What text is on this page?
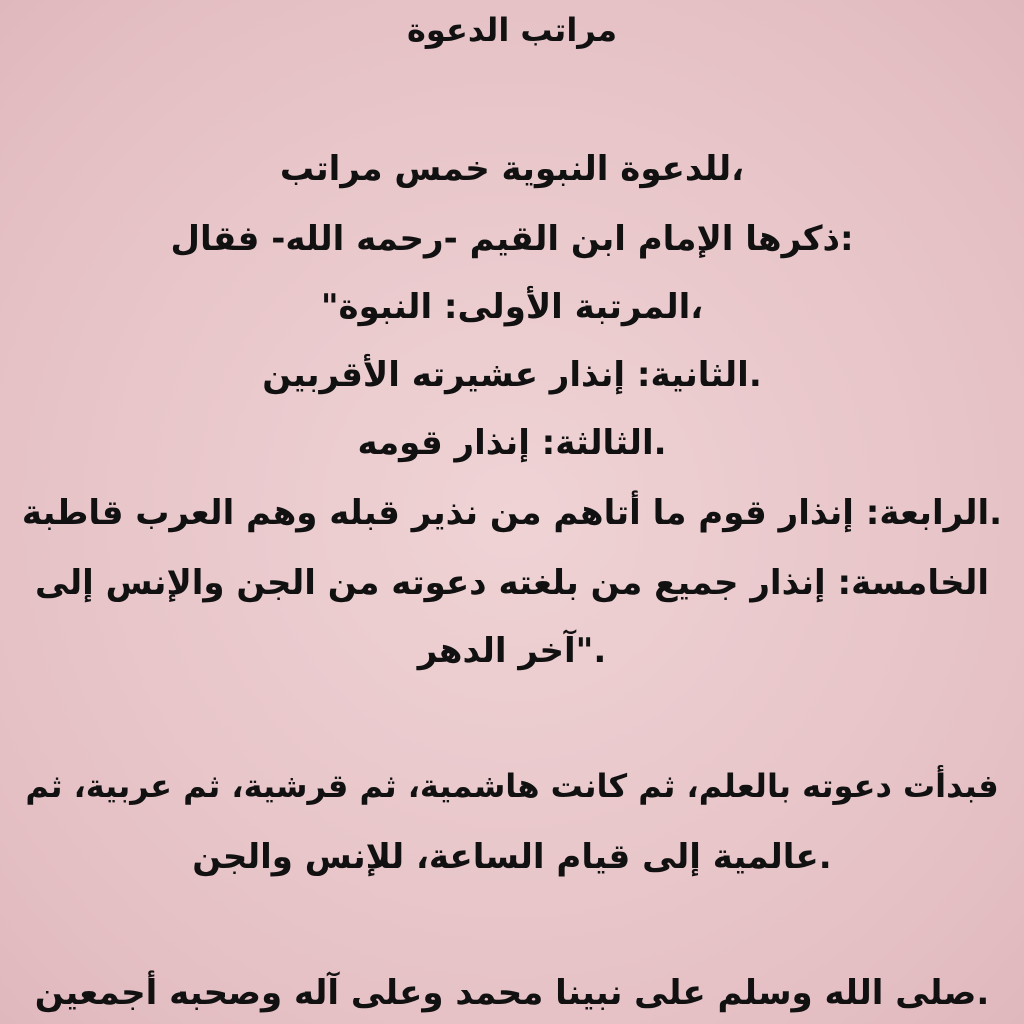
مراتب الدعوة
،للدعوة النبوية خمس مراتب
:ذكرها الإمام ابن القيم -رحمه الله- فقال
،المرتبة الأولى: النبوة"
.الثانية: إنذار عشيرته الأقربين
.الثالثة: إنذار قومه
.الرابعة: إنذار قوم ما أتاهم من نذير قبله وهم العرب قاطبة
الخامسة: إنذار جميع من بلغته دعوته من الجن والإنس إلى
."آخر الدهر
فبدأت دعوته بالعلم، ثم كانت هاشمية، ثم قرشية، ثم عربية، ثم
.عالمية إلى قيام الساعة، للإنس والجن
.صلى الله وسلم على نبينا محمد وعلى آله وصحبه أجمعين
